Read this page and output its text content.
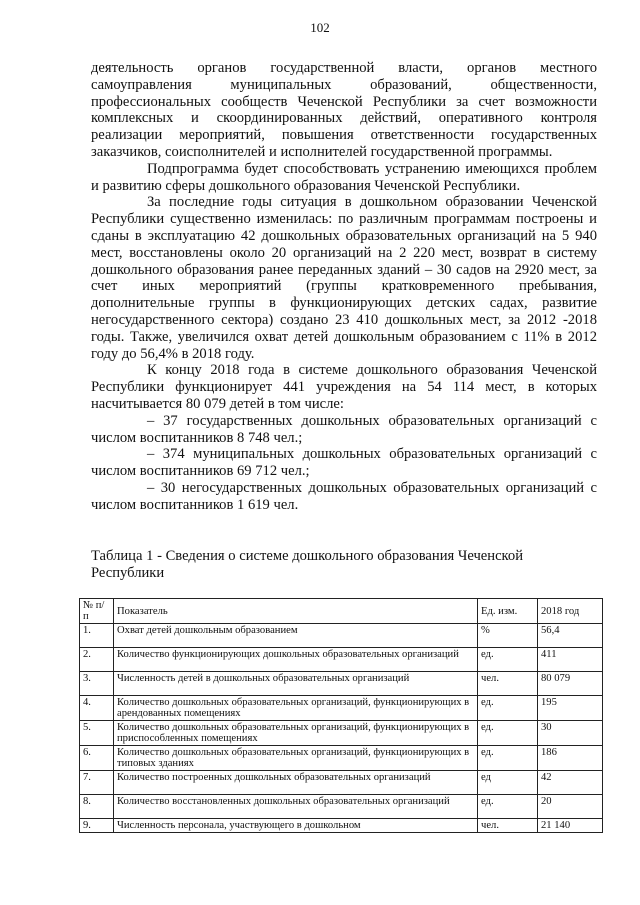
102

деятельность органов государственной власти, органов местного самоуправления муниципальных образований, общественности, профессиональных сообществ Чеченской Республики за счет возможности комплексных и скоординированных действий, оперативного контроля реализации мероприятий, повышения ответственности государственных заказчиков, соисполнителей и исполнителей государственной программы.

Подпрограмма будет способствовать устранению имеющихся проблем и развитию сферы дошкольного образования Чеченской Республики.

За последние годы ситуация в дошкольном образовании Чеченской Республики существенно изменилась: по различным программам построены и сданы в эксплуатацию 42 дошкольных образовательных организаций на 5 940 мест, восстановлены около 20 организаций на 2 220 мест, возврат в систему дошкольного образования ранее переданных зданий – 30 садов на 2920 мест, за счет иных мероприятий (группы кратковременного пребывания, дополнительные группы в функционирующих детских садах, развитие негосударственного сектора) создано 23 410 дошкольных мест, за 2012 -2018 годы. Также, увеличился охват детей дошкольным образованием с 11% в 2012 году до 56,4% в 2018 году.

К концу 2018 года в системе дошкольного образования Чеченской Республики функционирует 441 учреждения на 54 114 мест, в которых насчитывается 80 079 детей в том числе:

– 37 государственных дошкольных образовательных организаций с числом воспитанников 8 748 чел.;

– 374 муниципальных дошкольных образовательных организаций с числом воспитанников 69 712 чел.;

– 30 негосударственных дошкольных образовательных организаций с числом воспитанников 1 619 чел.

Таблица 1 - Сведения о системе дошкольного образования Чеченской Республики
№ п/п	Показатель	Ед. изм.	2018 год
1.	Охват детей дошкольным образованием	%	56,4
2.	Количество функционирующих дошкольных образовательных организаций	ед.	411
3.	Численность детей в дошкольных образовательных организаций	чел.	80 079
4.	Количество дошкольных образовательных организаций, функционирующих в арендованных помещениях	ед.	195
5.	Количество дошкольных образовательных организаций, функционирующих в приспособленных помещениях	ед.	30
6.	Количество дошкольных образовательных организаций, функционирующих в типовых зданиях	ед.	186
7.	Количество построенных дошкольных образовательных организаций	ед	42
8.	Количество восстановленных дошкольных образовательных организаций	ед.	20
9.	Численность персонала, участвующего в дошкольном	чел.	21 140
